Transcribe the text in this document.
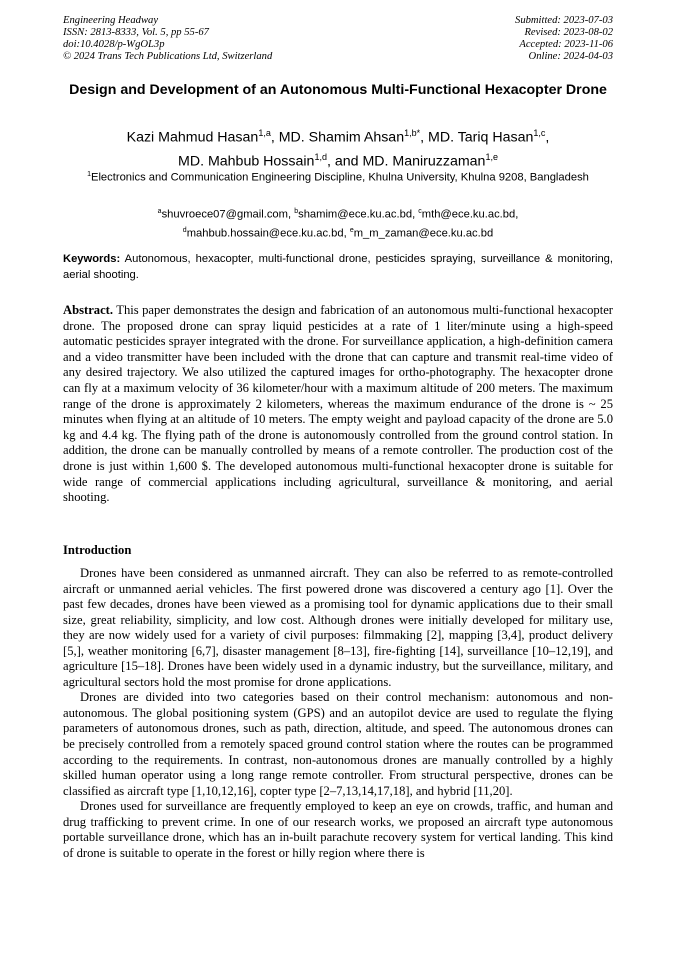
Engineering Headway
ISSN: 2813-8333, Vol. 5, pp 55-67
doi:10.4028/p-WgOL3p
© 2024 Trans Tech Publications Ltd, Switzerland
Submitted: 2023-07-03
Revised: 2023-08-02
Accepted: 2023-11-06
Online: 2024-04-03
Design and Development of an Autonomous Multi-Functional Hexacopter Drone
Kazi Mahmud Hasan$^{1,a}$, MD. Shamim Ahsan$^{1,b*}$, MD. Tariq Hasan$^{1,c}$,
MD. Mahbub Hossain$^{1,d}$, and MD. Maniruzzaman$^{1,e}$
$^1$Electronics and Communication Engineering Discipline, Khulna University, Khulna 9208, Bangladesh
$^a$shuvroece07@gmail.com, $^b$shamim@ece.ku.ac.bd, $^c$mth@ece.ku.ac.bd,
$^d$mahbub.hossain@ece.ku.ac.bd, $^e$m_m_zaman@ece.ku.ac.bd
Keywords: Autonomous, hexacopter, multi-functional drone, pesticides spraying, surveillance & monitoring, aerial shooting.
Abstract. This paper demonstrates the design and fabrication of an autonomous multi-functional hexacopter drone. The proposed drone can spray liquid pesticides at a rate of 1 liter/minute using a high-speed automatic pesticides sprayer integrated with the drone. For surveillance application, a high-definition camera and a video transmitter have been included with the drone that can capture and transmit real-time video of any desired trajectory. We also utilized the captured images for ortho-photography. The hexacopter drone can fly at a maximum velocity of 36 kilometer/hour with a maximum altitude of 200 meters. The maximum range of the drone is approximately 2 kilometers, whereas the maximum endurance of the drone is ~ 25 minutes when flying at an altitude of 10 meters. The empty weight and payload capacity of the drone are 5.0 kg and 4.4 kg. The flying path of the drone is autonomously controlled from the ground control station. In addition, the drone can be manually controlled by means of a remote controller. The production cost of the drone is just within 1,600 $. The developed autonomous multi-functional hexacopter drone is suitable for wide range of commercial applications including agricultural, surveillance & monitoring, and aerial shooting.
Introduction

Drones have been considered as unmanned aircraft. They can also be referred to as remote-controlled aircraft or unmanned aerial vehicles. The first powered drone was discovered a century ago [1]. Over the past few decades, drones have been viewed as a promising tool for dynamic applications due to their small size, great reliability, simplicity, and low cost. Although drones were initially developed for military use, they are now widely used for a variety of civil purposes: filmmaking [2], mapping [3,4], product delivery [5,], weather monitoring [6,7], disaster management [8–13], fire-fighting [14], surveillance [10–12,19], and agriculture [15–18]. Drones have been widely used in a dynamic industry, but the surveillance, military, and agricultural sectors hold the most promise for drone applications.

Drones are divided into two categories based on their control mechanism: autonomous and non-autonomous. The global positioning system (GPS) and an autopilot device are used to regulate the flying parameters of autonomous drones, such as path, direction, altitude, and speed. The autonomous drones can be precisely controlled from a remotely spaced ground control station where the routes can be programmed according to the requirements. In contrast, non-autonomous drones are manually controlled by a highly skilled human operator using a long range remote controller. From structural perspective, drones can be classified as aircraft type [1,10,12,16], copter type [2–7,13,14,17,18], and hybrid [11,20].

Drones used for surveillance are frequently employed to keep an eye on crowds, traffic, and human and drug trafficking to prevent crime. In one of our research works, we proposed an aircraft type autonomous portable surveillance drone, which has an in-built parachute recovery system for vertical landing. This kind of drone is suitable to operate in the forest or hilly region where there is
